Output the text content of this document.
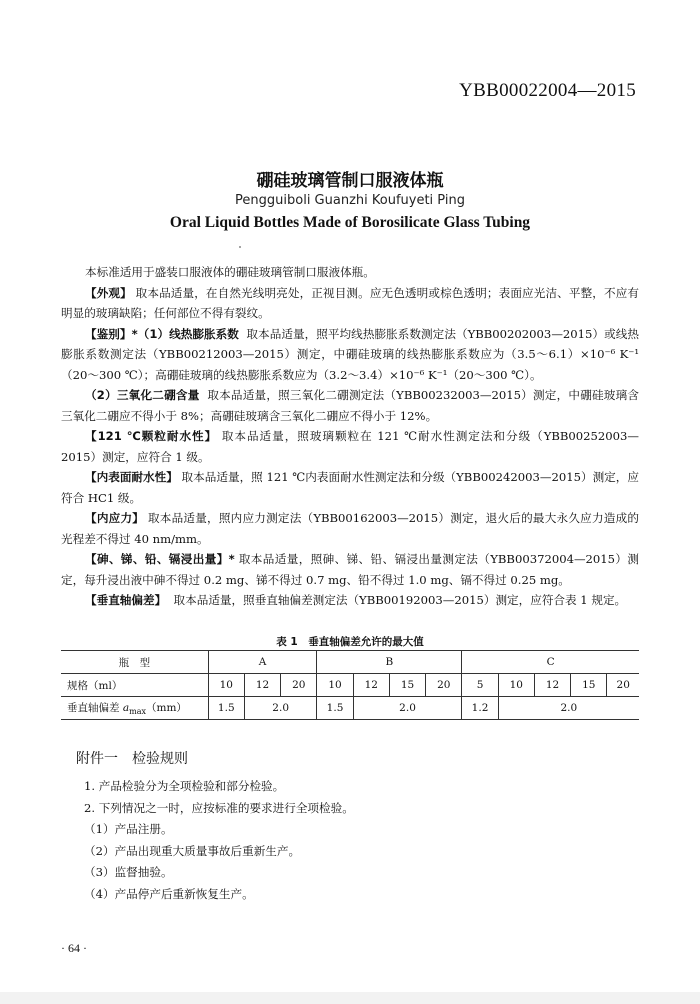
YBB00022004—2015
硼硅玻璃管制口服液体瓶
Pengguiboli Guanzhi Koufuyeti Ping
Oral Liquid Bottles Made of Borosilicate Glass Tubing

本标准适用于盛装口服液体的硼硅玻璃管制口服液体瓶。

【外观】 取本品适量，在自然光线明亮处，正视目测。应无色透明或棕色透明；表面应光洁、平整，不应有明显的玻璃缺陷；任何部位不得有裂纹。

【鉴别】*（1）线热膨胀系数 取本品适量，照平均线热膨胀系数测定法（YBB00202003—2015）或线热膨胀系数测定法（YBB00212003—2015）测定，中硼硅玻璃的线热膨胀系数应为（3.5～6.1）×10⁻⁶ K⁻¹（20～300 ℃）；高硼硅玻璃的线热膨胀系数应为（3.2～3.4）×10⁻⁶ K⁻¹（20～300 ℃）。

（2）三氧化二硼含量 取本品适量，照三氧化二硼测定法（YBB00232003—2015）测定，中硼硅玻璃含三氧化二硼应不得小于 8%；高硼硅玻璃含三氧化二硼应不得小于 12%。

【121 ℃颗粒耐水性】 取本品适量，照玻璃颗粒在 121 ℃耐水性测定法和分级（YBB00252003—2015）测定，应符合 1 级。

【内表面耐水性】 取本品适量，照 121 ℃内表面耐水性测定法和分级（YBB00242003—2015）测定，应符合 HC1 级。

【内应力】 取本品适量，照内应力测定法（YBB00162003—2015）测定，退火后的最大永久应力造成的光程差不得过 40 nm/mm。

【砷、锑、铅、镉浸出量】* 取本品适量，照砷、锑、铅、镉浸出量测定法（YBB00372004—2015）测定，每升浸出液中砷不得过 0.2 mg、锑不得过 0.7 mg、铅不得过 1.0 mg、镉不得过 0.25 mg。

【垂直轴偏差】 取本品适量，照垂直轴偏差测定法（YBB00192003—2015）测定，应符合表 1 规定。

表 1　垂直轴偏差允许的最大值
瓶　型	A			B				C				
规格（ml）	10	12	20	10	12	15	20	5	10	12	15	20
垂直轴偏差 $a_{max}(mm)$	1.5	2.0		1.5	2.0			1.2	2.0			
附件一　检验规则
1. 产品检验分为全项检验和部分检验。
2. 下列情况之一时，应按标准的要求进行全项检验。
（1）产品注册。
（2）产品出现重大质量事故后重新生产。
（3）监督抽验。
（4）产品停产后重新恢复生产。
· 64 ·
